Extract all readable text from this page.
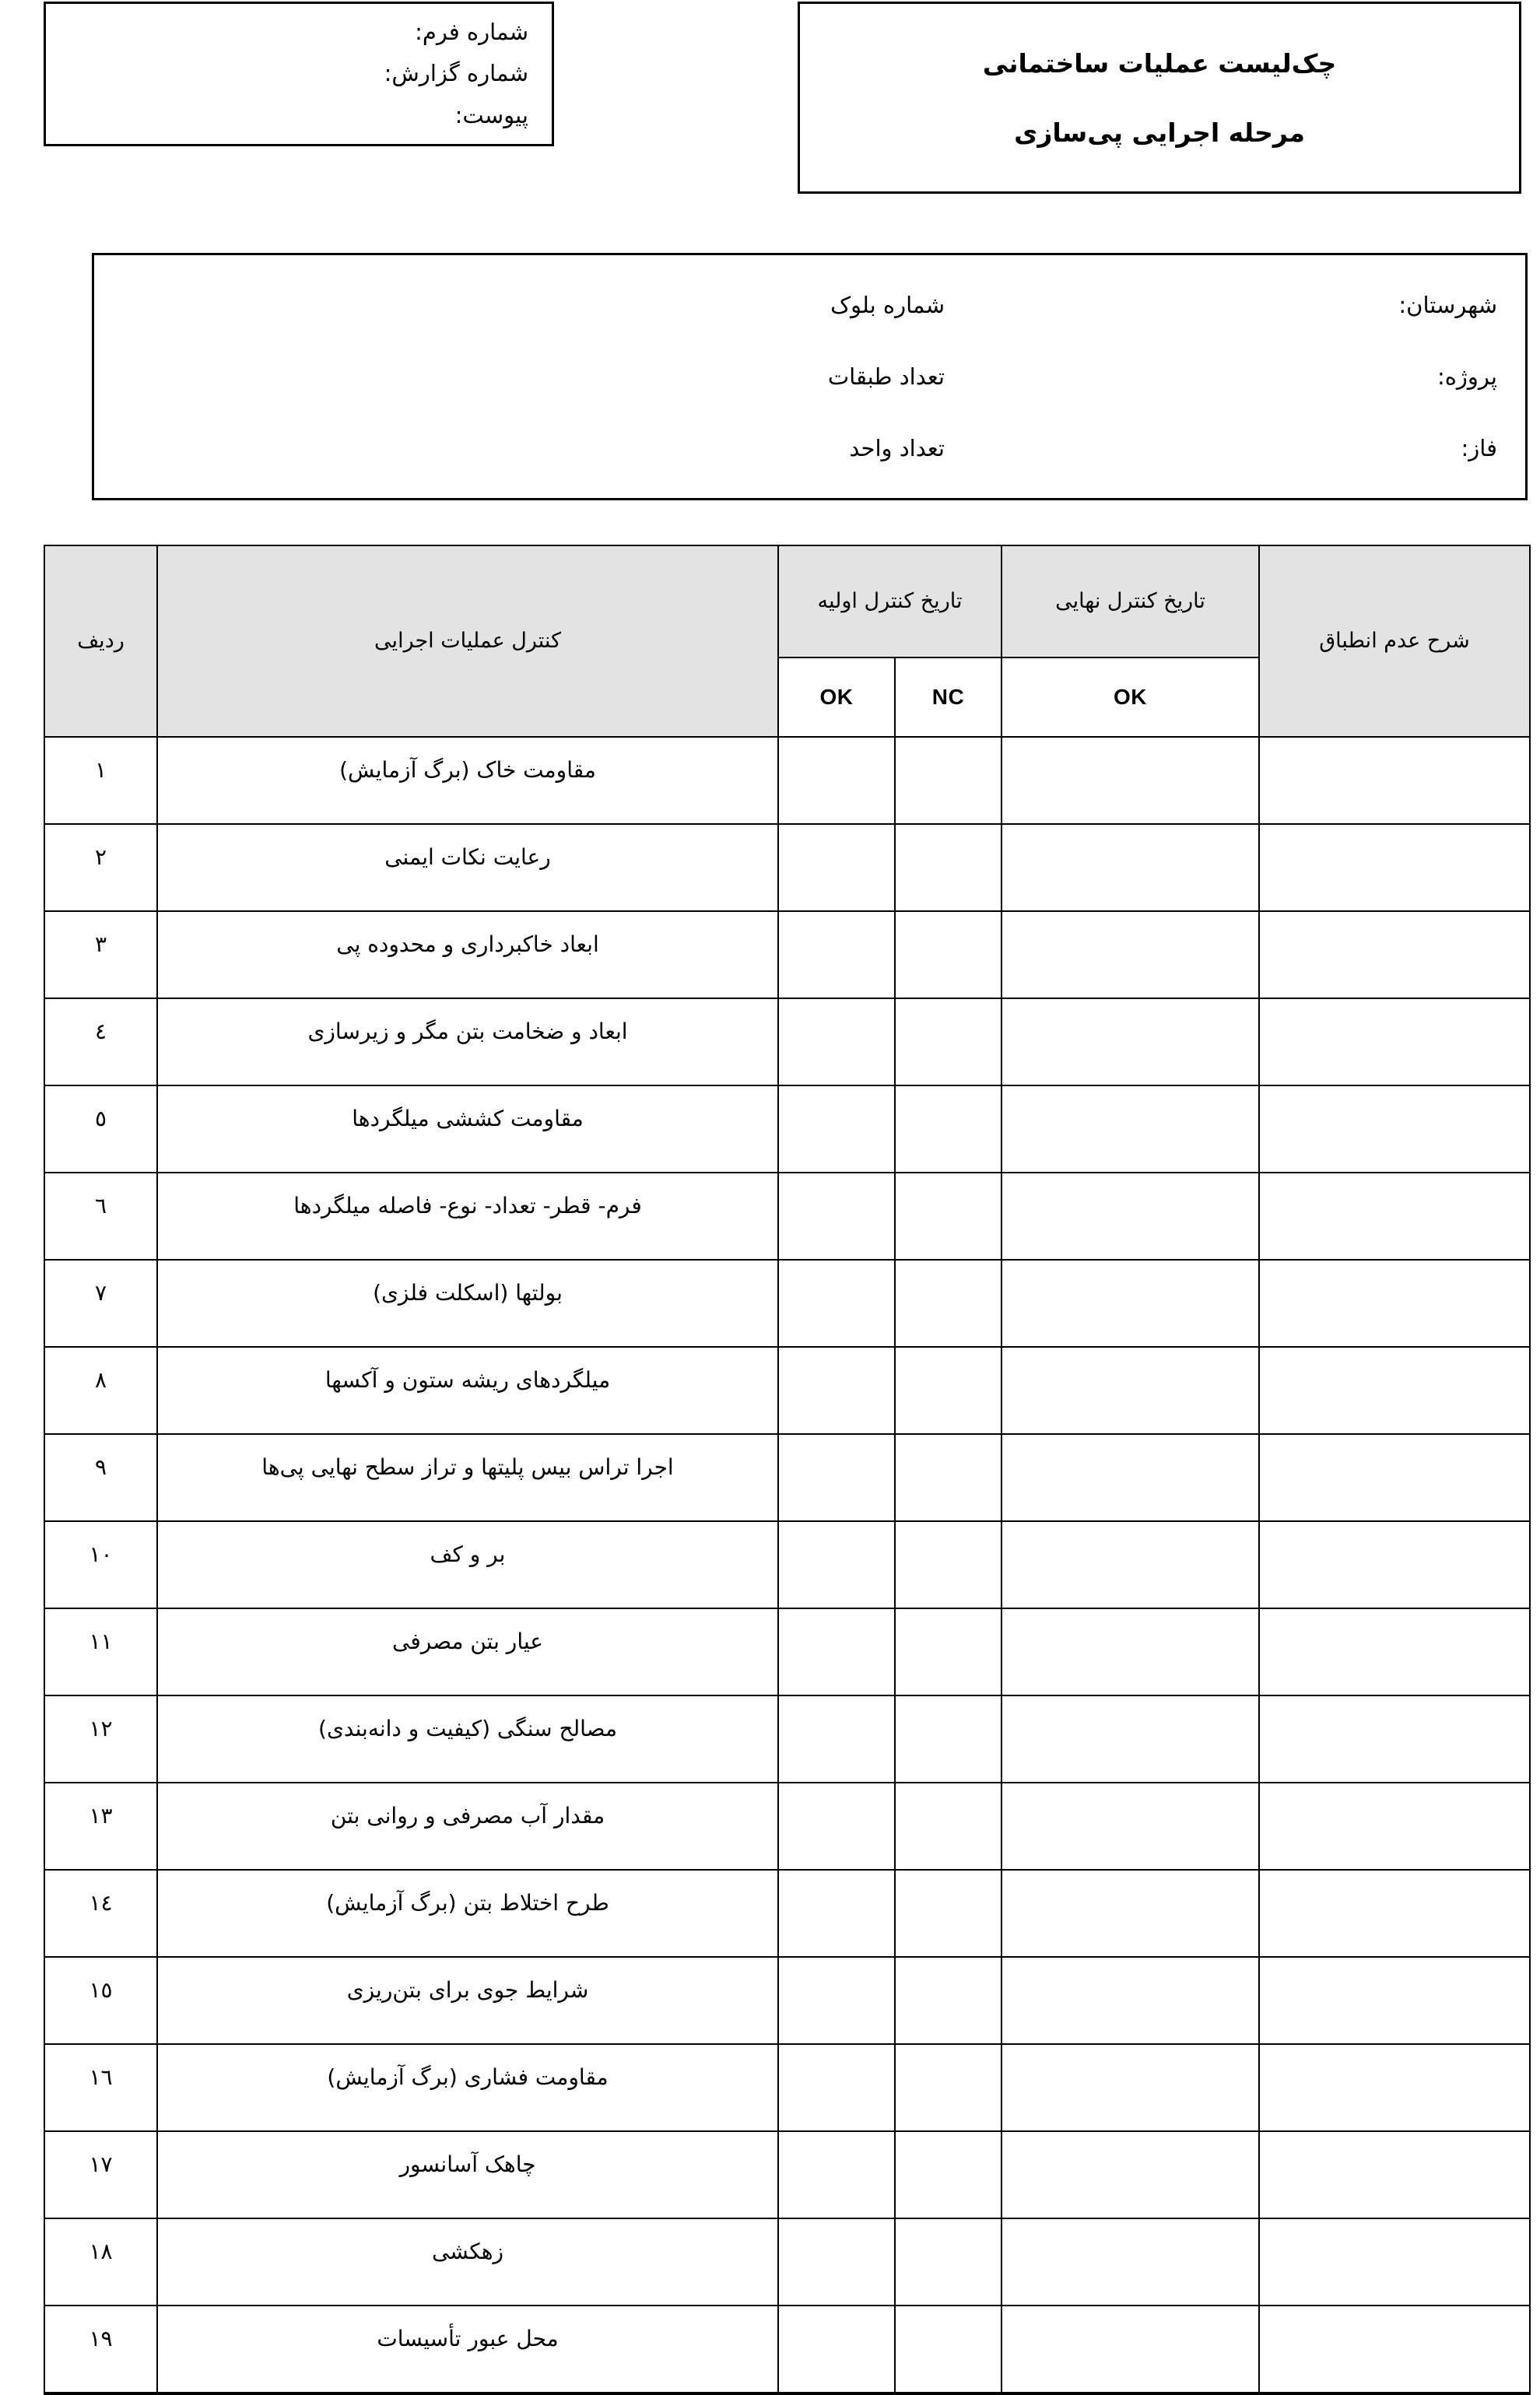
شماره فرم:
شماره گزارش:
پیوست:
چک‌لیست عملیات ساختمانی
مرحله اجرایی پی‌سازی
شهرستان:
شماره بلوک
پروژه:
تعداد طبقات
فاز:
تعداد واحد
شرح عدم انطباق	تاریخ کنترل نهایی	تاریخ کنترل اولیه		کنترل عملیات اجرایی	ردیف
	OK	NC	OK		

				مقاومت خاک (برگ آزمایش)	١

				رعایت نکات ایمنی	٢

				ابعاد خاکبرداری و محدوده پی	٣

				ابعاد و ضخامت بتن مگر و زیرسازی	٤

				مقاومت کششی میلگردها	٥

				فرم- قطر- تعداد- نوع- فاصله میلگردها	٦

				بولتها (اسکلت فلزی)	٧

				میلگردهای ریشه ستون و آکسها	٨

				اجرا تراس بیس پلیتها و تراز سطح نهایی پی‌ها	٩

				بر و کف	١٠

				عیار بتن مصرفی	١١

				مصالح سنگی (کیفیت و دانه‌بندی)	١٢

				مقدار آب مصرفی و روانی بتن	١٣

				طرح اختلاط بتن (برگ آزمایش)	١٤

				شرایط جوی برای بتن‌ریزی	١٥

				مقاومت فشاری (برگ آزمایش)	١٦

				چاهک آسانسور	١٧

				زهکشی	١٨

				محل عبور تأسیسات	١٩
